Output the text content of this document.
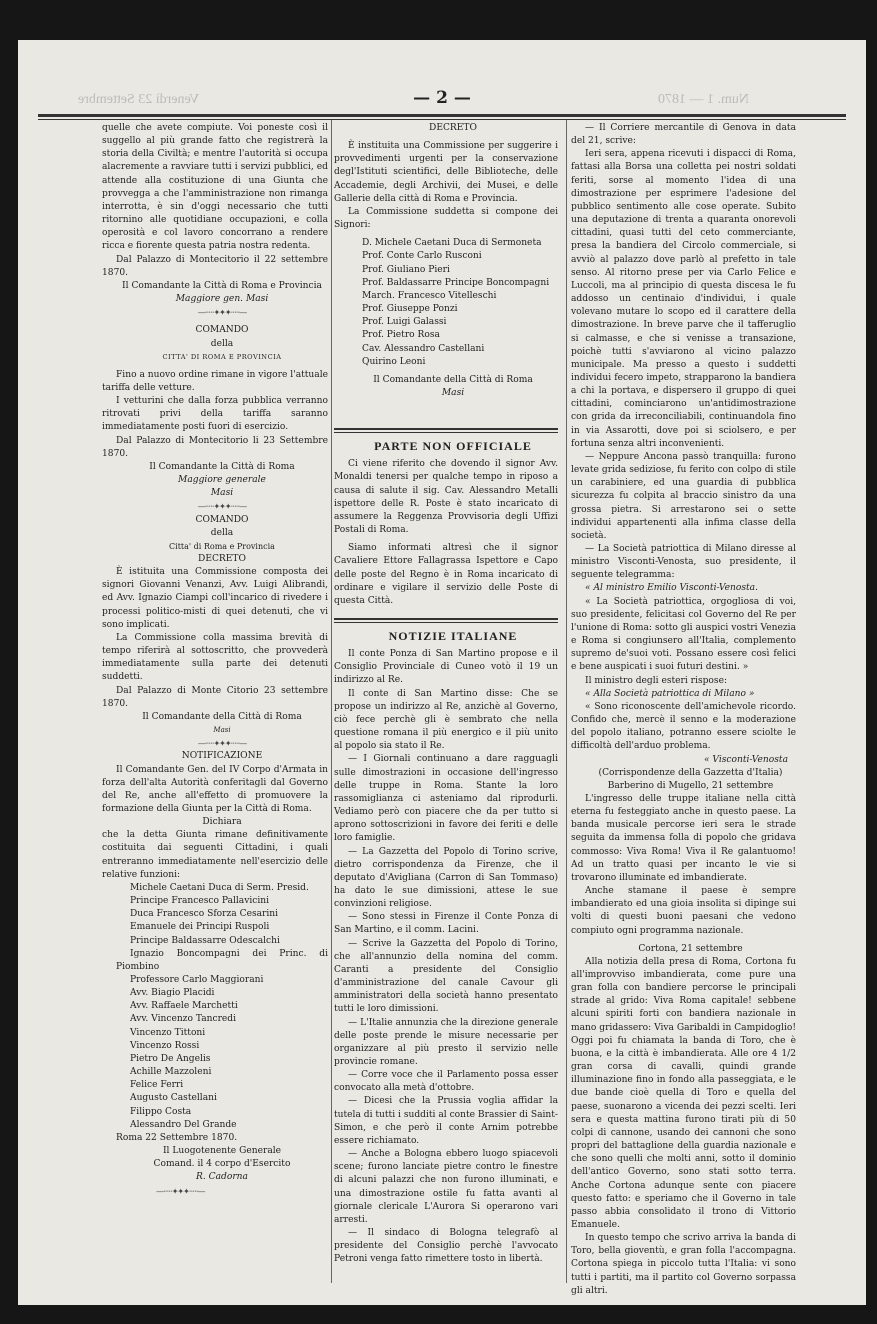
Venerdì 23 Settembre	Num. 1 — 1870
— 2 —

quelle che avete compiute. Voi poneste così il suggello al più grande fatto che registrerà la storia della Civiltà; e mentre l'autorità si occupa alacremente a ravviare tutti i servizi pubblici, ed attende alla costituzione di una Giunta che provvegga a che l'amministrazione non rimanga interrotta, è sin d'oggi necessario che tutti ritornino alle quotidiane occupazioni, e colla operosità e col lavoro concorrano a rendere ricca e fiorente questa patria nostra redenta.

Dal Palazzo di Montecitorio il 22 settembre 1870.

Il Comandante la Città di Roma e Provincia

Maggiore gen. Masi

—⋅⋅⋅⋅⋅✦✦✦⋅⋅⋅⋅⋅—

COMANDO

della

CITTA' DI ROMA E PROVINCIA

Fino a nuovo ordine rimane in vigore l'attuale tariffa delle vetture.

I vetturini che dalla forza pubblica verranno ritrovati privi della tariffa saranno immediatamente posti fuori di esercizio.

Dal Palazzo di Montecitorio li 23 Settembre 1870.

Il Comandante la Città di Roma

Maggiore generale

Masi

—⋅⋅⋅⋅⋅✦✦✦⋅⋅⋅⋅⋅—

COMANDO

della

Citta' di Roma e Provincia

DECRETO

È istituita una Commissione composta dei signori Giovanni Venanzi, Avv. Luigi Alibrandi, ed Avv. Ignazio Ciampi coll'incarico di rivedere i processi politico-misti di quei detenuti, che vi sono implicati.

La Commissione colla massima brevità di tempo riferirà al sottoscritto, che provvederà immediatamente sulla parte dei detenuti suddetti.

Dal Palazzo di Monte Citorio 23 settembre 1870.

Il Comandante della Città di Roma

Masi

—⋅⋅⋅⋅⋅✦✦✦⋅⋅⋅⋅⋅—

NOTIFICAZIONE

Il Comandante Gen. del IV Corpo d'Armata in forza dell'alta Autorità conferitagli dal Governo del Re, anche all'effetto di promuovere la formazione della Giunta per la Città di Roma.

Dichiara

che la detta Giunta rimane definitivamente costituita dai seguenti Cittadini, i quali entreranno immediatamente nell'esercizio delle relative funzioni:

Michele Caetani Duca di Serm. Presid.

Principe Francesco Pallavicini

Duca Francesco Sforza Cesarini

Emanuele dei Principi Ruspoli

Principe Baldassarre Odescalchi

Ignazio Boncompagni dei Princ. di Piombino

Professore Carlo Maggiorani

Avv. Biagio Placidi

Avv. Raffaele Marchetti

Avv. Vincenzo Tancredi

Vincenzo Tittoni

Vincenzo Rossi

Pietro De Angelis

Achille Mazzoleni

Felice Ferri

Augusto Castellani

Filippo Costa

Alessandro Del Grande

Roma 22 Settembre 1870.

Il Luogotenente Generale

Comand. il 4 corpo d'Esercito

R. Cadorna

—⋅⋅⋅⋅⋅✦✦✦⋅⋅⋅⋅⋅—

DECRETO

È instituita una Commissione per suggerire i provvedimenti urgenti per la conservazione degl'Istituti scientifici, delle Biblioteche, delle Accademie, degli Archivii, dei Musei, e delle Gallerie della città di Roma e Provincia.

La Commissione suddetta si compone dei Signori:

D. Michele Caetani Duca di Sermoneta

Prof. Conte Carlo Rusconi

Prof. Giuliano Pieri

Prof. Baldassarre Principe Boncompagni

March. Francesco Vitelleschi

Prof. Giuseppe Ponzi

Prof. Luigi Galassi

Prof. Pietro Rosa

Cav. Alessandro Castellani

Quirino Leoni

Il Comandante della Città di Roma

Masi

PARTE NON OFFICIALE

Ci viene riferito che dovendo il signor Avv. Monaldi tenersi per qualche tempo in riposo a causa di salute il sig. Cav. Alessandro Metalli ispettore delle R. Poste è stato incaricato di assumere la Reggenza Provvisoria degli Uffizi Postali di Roma.

Siamo informati altresì che il signor Cavaliere Ettore Fallagrassa Ispettore e Capo delle poste del Regno è in Roma incaricato di ordinare e vigilare il servizio delle Poste di questa Città.

NOTIZIE ITALIANE

Il conte Ponza di San Martino propose e il Consiglio Provinciale di Cuneo votò il 19 un indirizzo al Re.

Il conte di San Martino disse: Che se propose un indirizzo al Re, anzichè al Governo, ciò fece perchè gli è sembrato che nella questione romana il più energico e il più unito al popolo sia stato il Re.

— I Giornali continuano a dare ragguagli sulle dimostrazioni in occasione dell'ingresso delle truppe in Roma. Stante la loro rassomiglianza ci asteniamo dal riprodurli. Vediamo però con piacere che da per tutto si aprono sottoscrizioni in favore dei feriti e delle loro famiglie.

— La Gazzetta del Popolo di Torino scrive, dietro corrispondenza da Firenze, che il deputato d'Avigliana (Carron di San Tommaso) ha dato le sue dimissioni, attese le sue convinzioni religiose.

— Sono stessi in Firenze il Conte Ponza di San Martino, e il comm. Lacini.

— Scrive la Gazzetta del Popolo di Torino, che all'annunzio della nomina del comm. Caranti a presidente del Consiglio d'amministrazione del canale Cavour gli amministratori della società hanno presentato tutti le loro dimissioni.

— L'Italie annunzia che la direzione generale delle poste prende le misure necessarie per organizzare al più presto il servizio nelle provincie romane.

— Corre voce che il Parlamento possa esser convocato alla metà d'ottobre.

— Dicesi che la Prussia voglia affidar la tutela di tutti i sudditi al conte Brassier di Saint-Simon, e che però il conte Arnim potrebbe essere richiamato.

— Anche a Bologna ebbero luogo spiacevoli scene; furono lanciate pietre contro le finestre di alcuni palazzi che non furono illuminati, e una dimostrazione ostile fu fatta avanti al giornale clericale L'Aurora Si operarono vari arresti.

— Il sindaco di Bologna telegrafò al presidente del Consiglio perchè l'avvocato Petroni venga fatto rimettere tosto in libertà.

— Il Corriere mercantile di Genova in data del 21, scrive:

Ieri sera, appena ricevuti i dispacci di Roma, fattasi alla Borsa una colletta pei nostri soldati feriti, sorse al momento l'idea di una dimostrazione per esprimere l'adesione del pubblico sentimento alle cose operate. Subito una deputazione di trenta a quaranta onorevoli cittadini, quasi tutti del ceto commerciante, presa la bandiera del Circolo commerciale, si avviò al palazzo dove parlò al prefetto in tale senso. Al ritorno prese per via Carlo Felice e Luccoli, ma al principio di questa discesa le fu addosso un centinaio d'individui, i quale volevano mutare lo scopo ed il carattere della dimostrazione. In breve parve che il tafferuglio si calmasse, e che si venisse a transazione, poichè tutti s'avviarono al vicino palazzo municipale. Ma presso a questo i suddetti individui fecero impeto, strapparono la bandiera a chi la portava, e dispersero il gruppo di quei cittadini, cominciarono un'antidimostrazione con grida da irreconciliabili, continuandola fino in via Assarotti, dove poi si sciolsero, e per fortuna senza altri inconvenienti.

— Neppure Ancona passò tranquilla: furono levate grida sediziose, fu ferito con colpo di stile un carabiniere, ed una guardia di pubblica sicurezza fu colpita al braccio sinistro da una grossa pietra. Si arrestarono sei o sette individui appartenenti alla infima classe della società.

— La Società patriottica di Milano diresse al ministro Visconti-Venosta, suo presidente, il seguente telegramma:

« Al ministro Emilio Visconti-Venosta.

« La Società patriottica, orgogliosa di voi, suo presidente, felicitasi col Governo del Re per l'unione di Roma: sotto gli auspici vostri Venezia e Roma si congiunsero all'Italia, complemento supremo de'suoi voti. Possano essere così felici e bene auspicati i suoi futuri destini. »

Il ministro degli esteri rispose:

« Alla Società patriottica di Milano »

« Sono riconoscente dell'amichevole ricordo. Confido che, mercè il senno e la moderazione del popolo italiano, potranno essere sciolte le difficoltà dell'arduo problema.

« Visconti-Venosta

(Corrispondenze della Gazzetta d'Italia)

Barberino di Mugello, 21 settembre

L'ingresso delle truppe italiane nella città eterna fu festeggiato anche in questo paese. La banda musicale percorse ieri sera le strade seguita da immensa folla di popolo che gridava commosso: Viva Roma! Viva il Re galantuomo! Ad un tratto quasi per incanto le vie si trovarono illuminate ed imbandierate.

Anche stamane il paese è sempre imbandierato ed una gioia insolita si dipinge sui volti di questi buoni paesani che vedono compiuto ogni programma nazionale.

Cortona, 21 settembre

Alla notizia della presa di Roma, Cortona fu all'improvviso imbandierata, come pure una gran folla con bandiere percorse le principali strade al grido: Viva Roma capitale! sebbene alcuni spiriti forti con bandiera nazionale in mano gridassero: Viva Garibaldi in Campidoglio! Oggi poi fu chiamata la banda di Toro, che è buona, e la città è imbandierata. Alle ore 4 1/2 gran corsa di cavalli, quindi grande illuminazione fino in fondo alla passeggiata, e le due bande cioè quella di Toro e quella del paese, suonarono a vicenda dei pezzi scelti. Ieri sera e questa mattina furono tirati più di 50 colpi di cannone, usando dei cannoni che sono propri del battaglione della guardia nazionale e che sono quelli che molti anni, sotto il dominio dell'antico Governo, sono stati sotto terra. Anche Cortona adunque sente con piacere questo fatto: e speriamo che il Governo in tale passo abbia consolidato il trono di Vittorio Emanuele.

In questo tempo che scrivo arriva la banda di Toro, bella gioventù, e gran folla l'accompagna. Cortona spiega in piccolo tutta l'Italia: vi sono tutti i partiti, ma il partito col Governo sorpassa gli altri.
